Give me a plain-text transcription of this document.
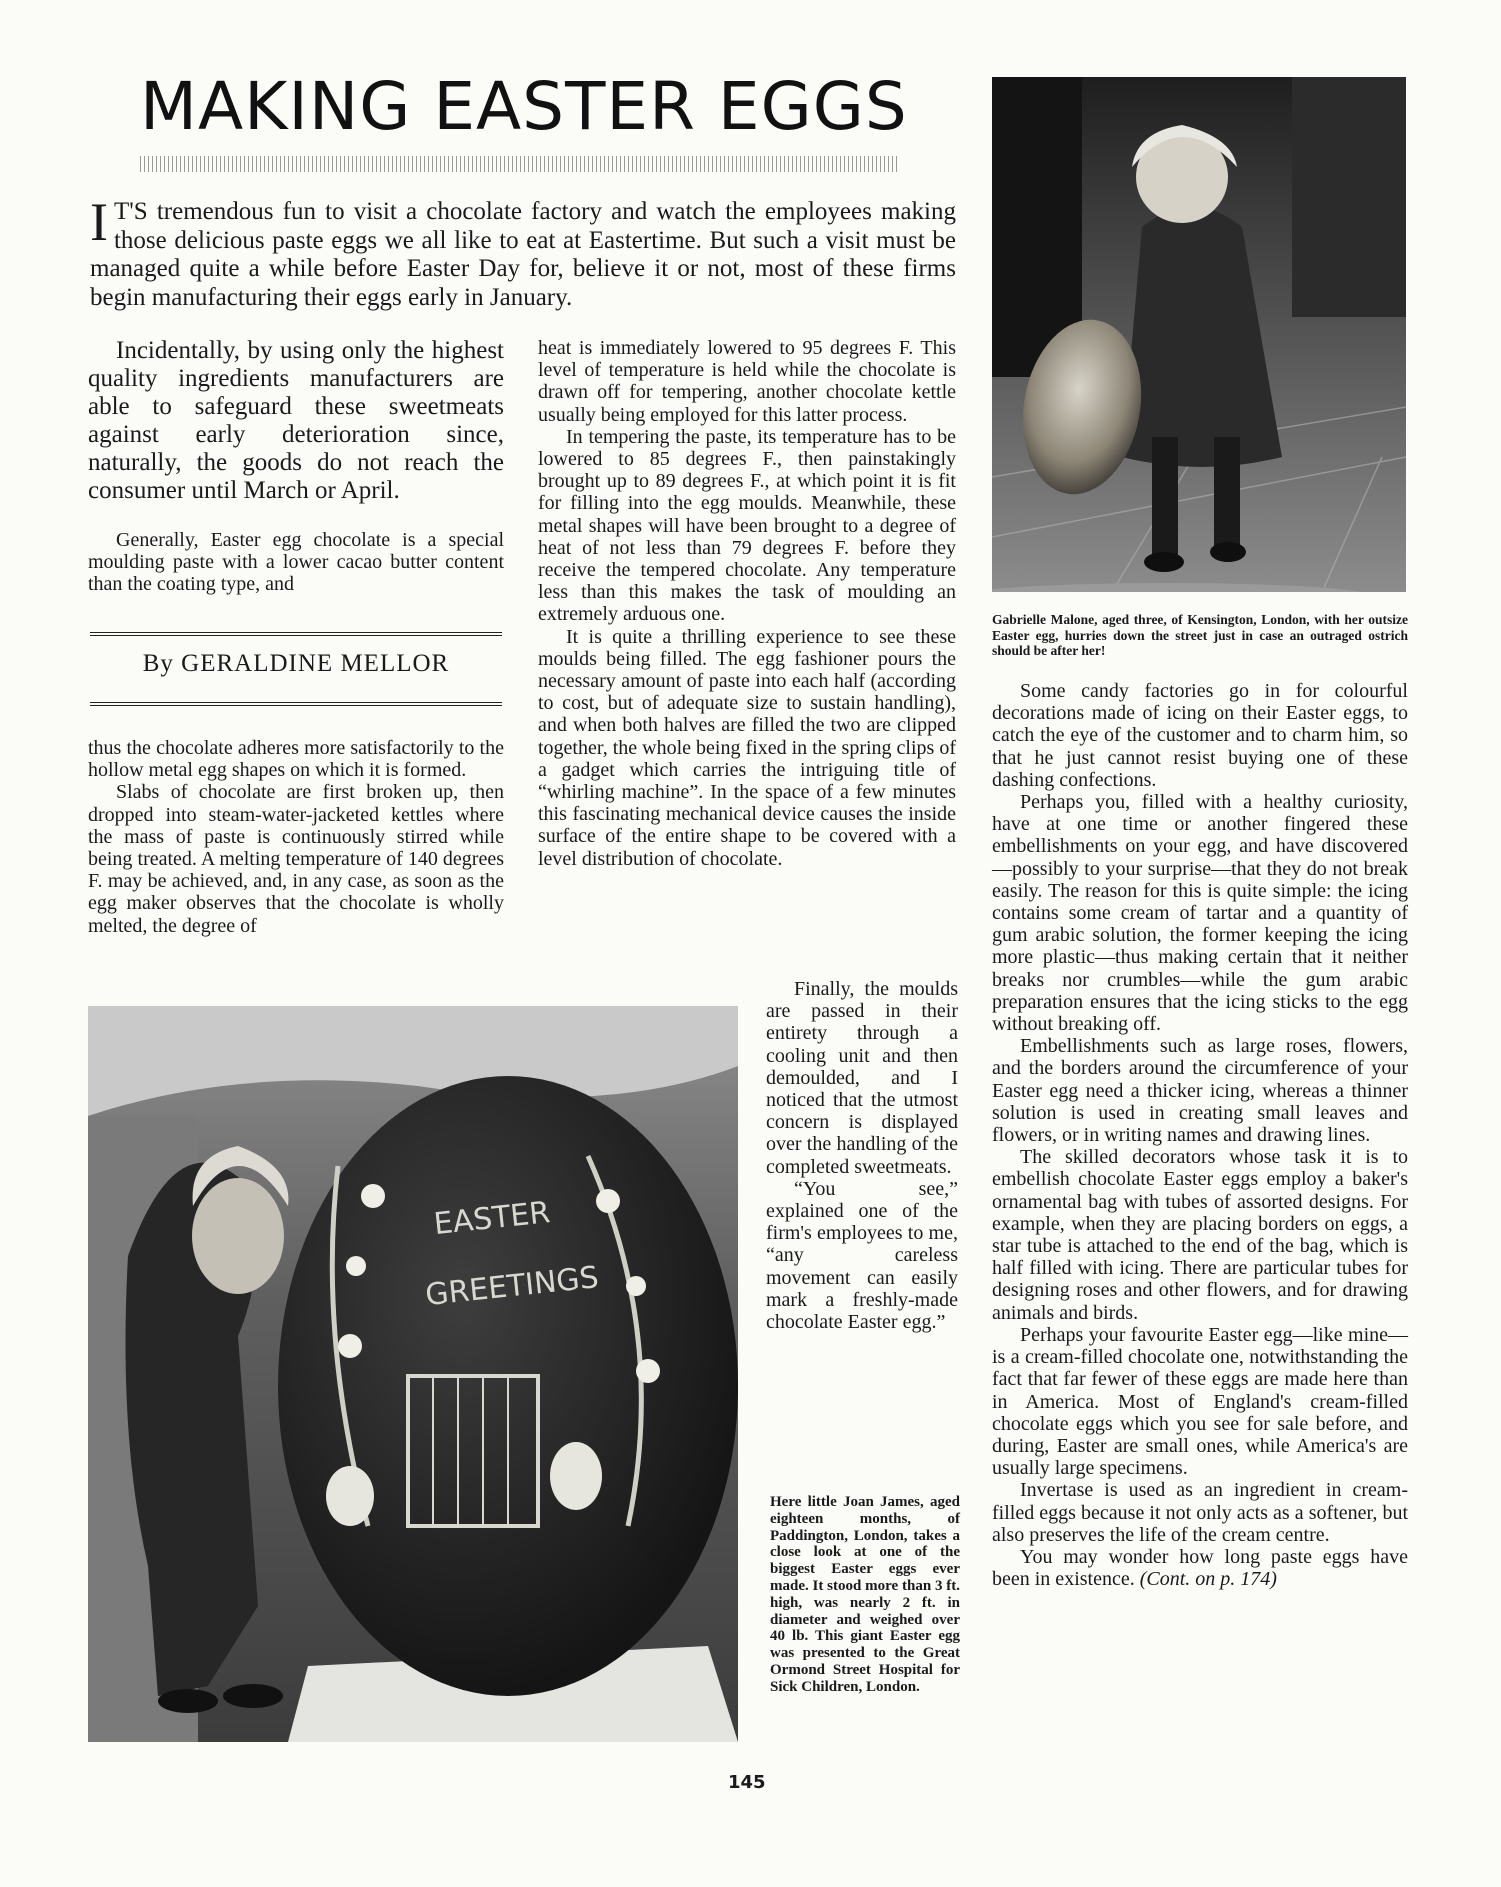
MAKING EASTER EGGS

I T'S tremendous fun to visit a chocolate factory and watch the employees making those delicious paste eggs we all like to eat at Eastertime. But such a visit must be managed quite a while before Easter Day for, believe it or not, most of these firms begin manufacturing their eggs early in January.

Incidentally, by using only the highest quality ingredients manufacturers are able to safeguard these sweetmeats against early deterioration since, naturally, the goods do not reach the consumer until March or April.

Generally, Easter egg chocolate is a special moulding paste with a lower cacao butter content than the coating type, and

By GERALDINE MELLOR

thus the chocolate adheres more satisfactorily to the hollow metal egg shapes on which it is formed.

Slabs of chocolate are first broken up, then dropped into steam-water-jacketed kettles where the mass of paste is continuously stirred while being treated. A melting temperature of 140 degrees F. may be achieved, and, in any case, as soon as the egg maker observes that the chocolate is wholly melted, the degree of

heat is immediately lowered to 95 degrees F. This level of temperature is held while the chocolate is drawn off for tempering, another chocolate kettle usually being employed for this latter process.

In tempering the paste, its temperature has to be lowered to 85 degrees F., then painstakingly brought up to 89 degrees F., at which point it is fit for filling into the egg moulds. Meanwhile, these metal shapes will have been brought to a degree of heat of not less than 79 degrees F. before they receive the tempered chocolate. Any temperature less than this makes the task of moulding an extremely arduous one.

It is quite a thrilling experience to see these moulds being filled. The egg fashioner pours the necessary amount of paste into each half (according to cost, but of adequate size to sustain handling), and when both halves are filled the two are clipped together, the whole being fixed in the spring clips of a gadget which carries the intriguing title of “whirling machine”. In the space of a few minutes this fascinating mechanical device causes the inside surface of the entire shape to be covered with a level distribution of chocolate.

Finally, the moulds are passed in their entirety through a cooling unit and then demoulded, and I noticed that the utmost concern is displayed over the handling of the completed sweetmeats.

“You see,” explained one of the firm's employees to me, “any careless movement can easily mark a freshly-made chocolate Easter egg.”

Some candy factories go in for colourful decorations made of icing on their Easter eggs, to catch the eye of the customer and to charm him, so that he just cannot resist buying one of these dashing confections.

Perhaps you, filled with a healthy curiosity, have at one time or another fingered these embellishments on your egg, and have discovered—possibly to your surprise—that they do not break easily. The reason for this is quite simple: the icing contains some cream of tartar and a quantity of gum arabic solution, the former keeping the icing more plastic—thus making certain that it neither breaks nor crumbles—while the gum arabic preparation ensures that the icing sticks to the egg without breaking off.

Embellishments such as large roses, flowers, and the borders around the circumference of your Easter egg need a thicker icing, whereas a thinner solution is used in creating small leaves and flowers, or in writing names and drawing lines.

The skilled decorators whose task it is to embellish chocolate Easter eggs employ a baker's ornamental bag with tubes of assorted designs. For example, when they are placing borders on eggs, a star tube is attached to the end of the bag, which is half filled with icing. There are particular tubes for designing roses and other flowers, and for drawing animals and birds.

Perhaps your favourite Easter egg—like mine—is a cream-filled chocolate one, notwithstanding the fact that far fewer of these eggs are made here than in America. Most of England's cream-filled chocolate eggs which you see for sale before, and during, Easter are small ones, while America's are usually large specimens.

Invertase is used as an ingredient in cream-filled eggs because it not only acts as a softener, but also preserves the life of the cream centre.

You may wonder how long paste eggs have been in existence. (Cont. on p. 174)

Gabrielle Malone, aged three, of Kensington, London, with her outsize Easter egg, hurries down the street just in case an outraged ostrich should be after her!
EASTER
GREETINGS
Here little Joan James, aged eighteen months, of Paddington, London, takes a close look at one of the biggest Easter eggs ever made. It stood more than 3 ft. high, was nearly 2 ft. in diameter and weighed over 40 lb. This giant Easter egg was presented to the Great Ormond Street Hospital for Sick Children, London.
145
